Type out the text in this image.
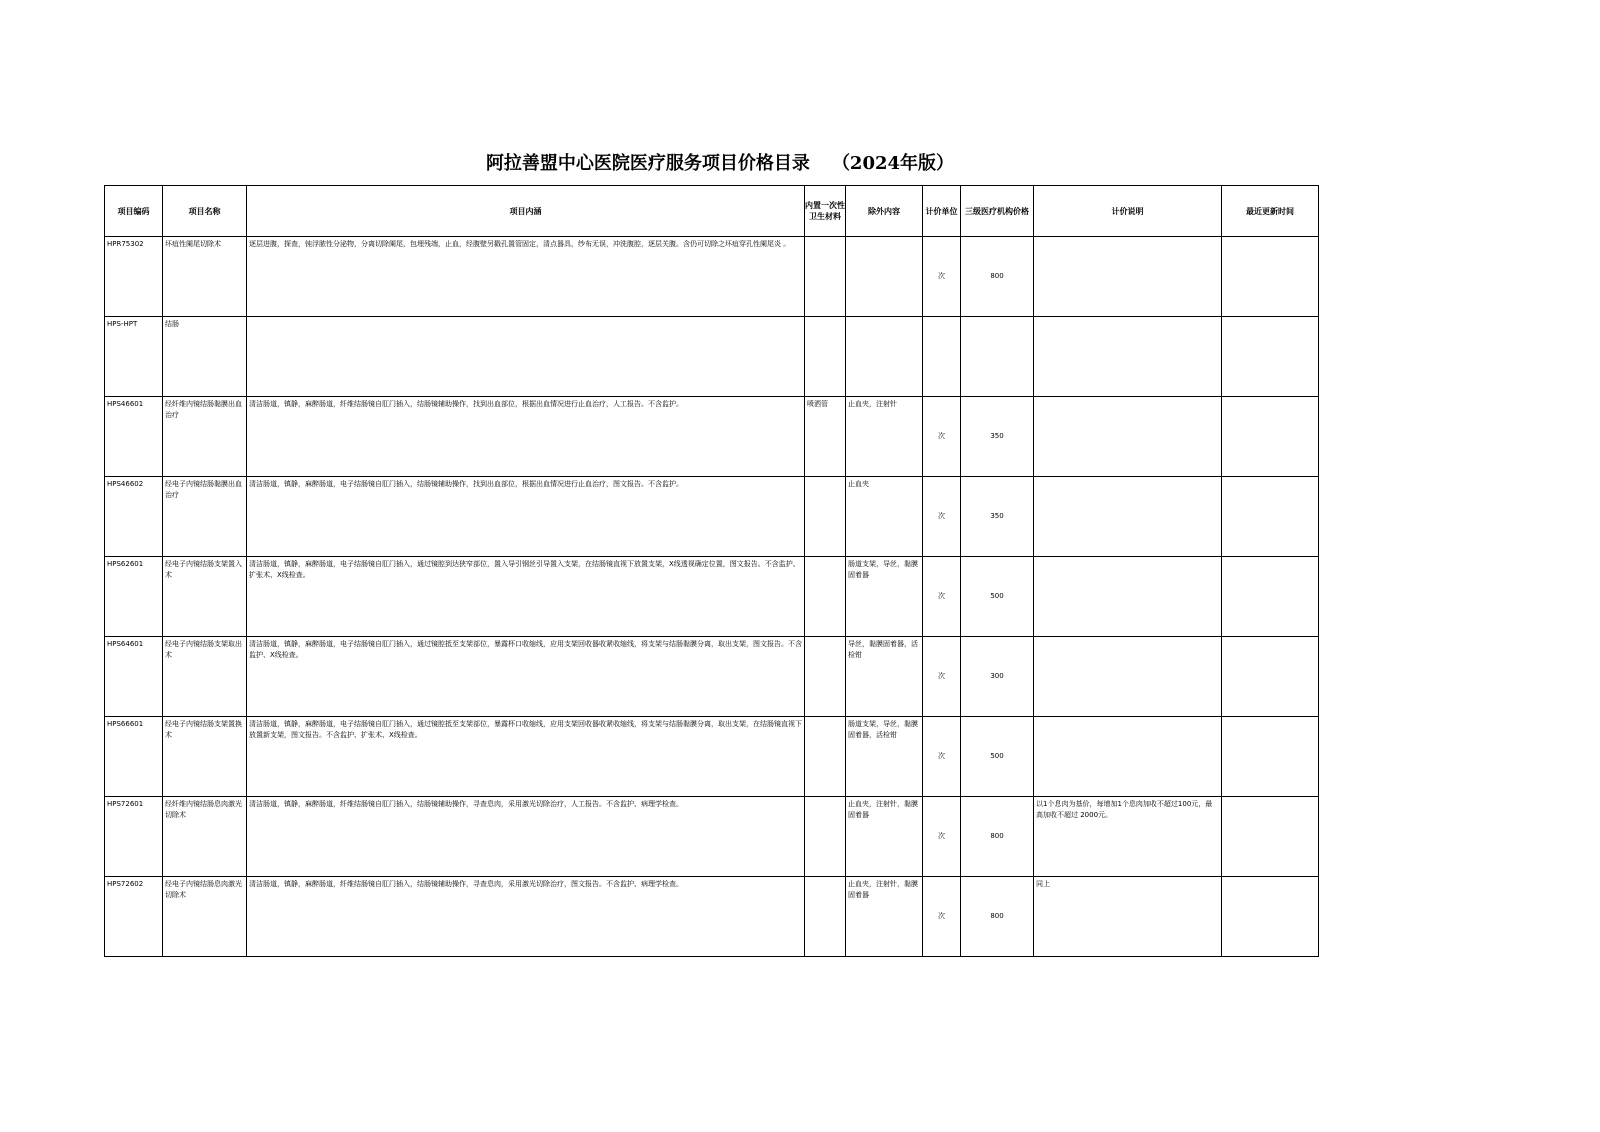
阿拉善盟中心医院医疗服务项目价格目录 （2024年版）
项目编码	项目名称	项目内涵	内置一次性卫生材料	除外内容	计价单位	三级医疗机构价格	计价说明	最近更新时间
HPR75302	坏疽性阑尾切除术	逐层进腹，探查，钝浮脓性分泌物，分离切除阑尾，包埋残端，止血，经腹壁另戳孔置管固定，清点器具，纱布无误，冲洗腹腔，逐层关腹。含仍可切除之坏疽穿孔性阑尾炎 。			次	800		
HPS-HPT	结肠							
HPS46601	经纤维内镜结肠黏膜出血治疗	清洁肠道，镇静，麻醉肠道，纤维结肠镜自肛门插入，结肠镜辅助操作，找到出血部位，根据出血情况进行止血治疗，人工报告。不含监护。	喷洒管	止血夹，注射针	次	350		
HPS46602	经电子内镜结肠黏膜出血治疗	清洁肠道，镇静，麻醉肠道，电子结肠镜自肛门插入，结肠镜辅助操作，找到出血部位，根据出血情况进行止血治疗，图文报告。不含监护。		止血夹	次	350		
HPS62601	经电子内镜结肠支架置入术	清洁肠道，镇静，麻醉肠道，电子结肠镜自肛门插入，通过镜腔到达狭窄部位，置入导引钢丝引导置入支架，在结肠镜直视下放置支架，X线透视确定位置，图文报告。不含监护、扩张术、X线检查。		肠道支架，导丝，黏膜固着器	次	500		
HPS64601	经电子内镜结肠支架取出术	清洁肠道，镇静，麻醉肠道，电子结肠镜自肛门插入，通过镜腔抵至支架部位，暴露杯口收缩线，应用支架回收器收紧收缩线，将支架与结肠黏膜分离，取出支架，图文报告。不含监护、X线检查。		导丝，黏膜固着器，活检钳	次	300		
HPS66601	经电子内镜结肠支架置换术	清洁肠道，镇静，麻醉肠道，电子结肠镜自肛门插入，通过镜腔抵至支架部位，暴露杯口收缩线，应用支架回收器收紧收缩线，将支架与结肠黏膜分离，取出支架，在结肠镜直视下放置新支架，图文报告。不含监护、扩张术、X线检查。		肠道支架，导丝，黏膜固着器，活检钳	次	500		
HPS72601	经纤维内镜结肠息肉激光切除术	清洁肠道，镇静，麻醉肠道，纤维结肠镜自肛门插入，结肠镜辅助操作，寻查息肉，采用激光切除治疗，人工报告。不含监护、病理学检查。		止血夹，注射针，黏膜固着器	次	800	以1个息肉为基价，每增加1个息肉加收不超过100元，最高加收不超过 2000元。	
HPS72602	经电子内镜结肠息肉激光切除术	清洁肠道，镇静，麻醉肠道，纤维结肠镜自肛门插入，结肠镜辅助操作，寻查息肉，采用激光切除治疗，图文报告。不含监护、病理学检查。		止血夹，注射针，黏膜固着器	次	800	同上	
